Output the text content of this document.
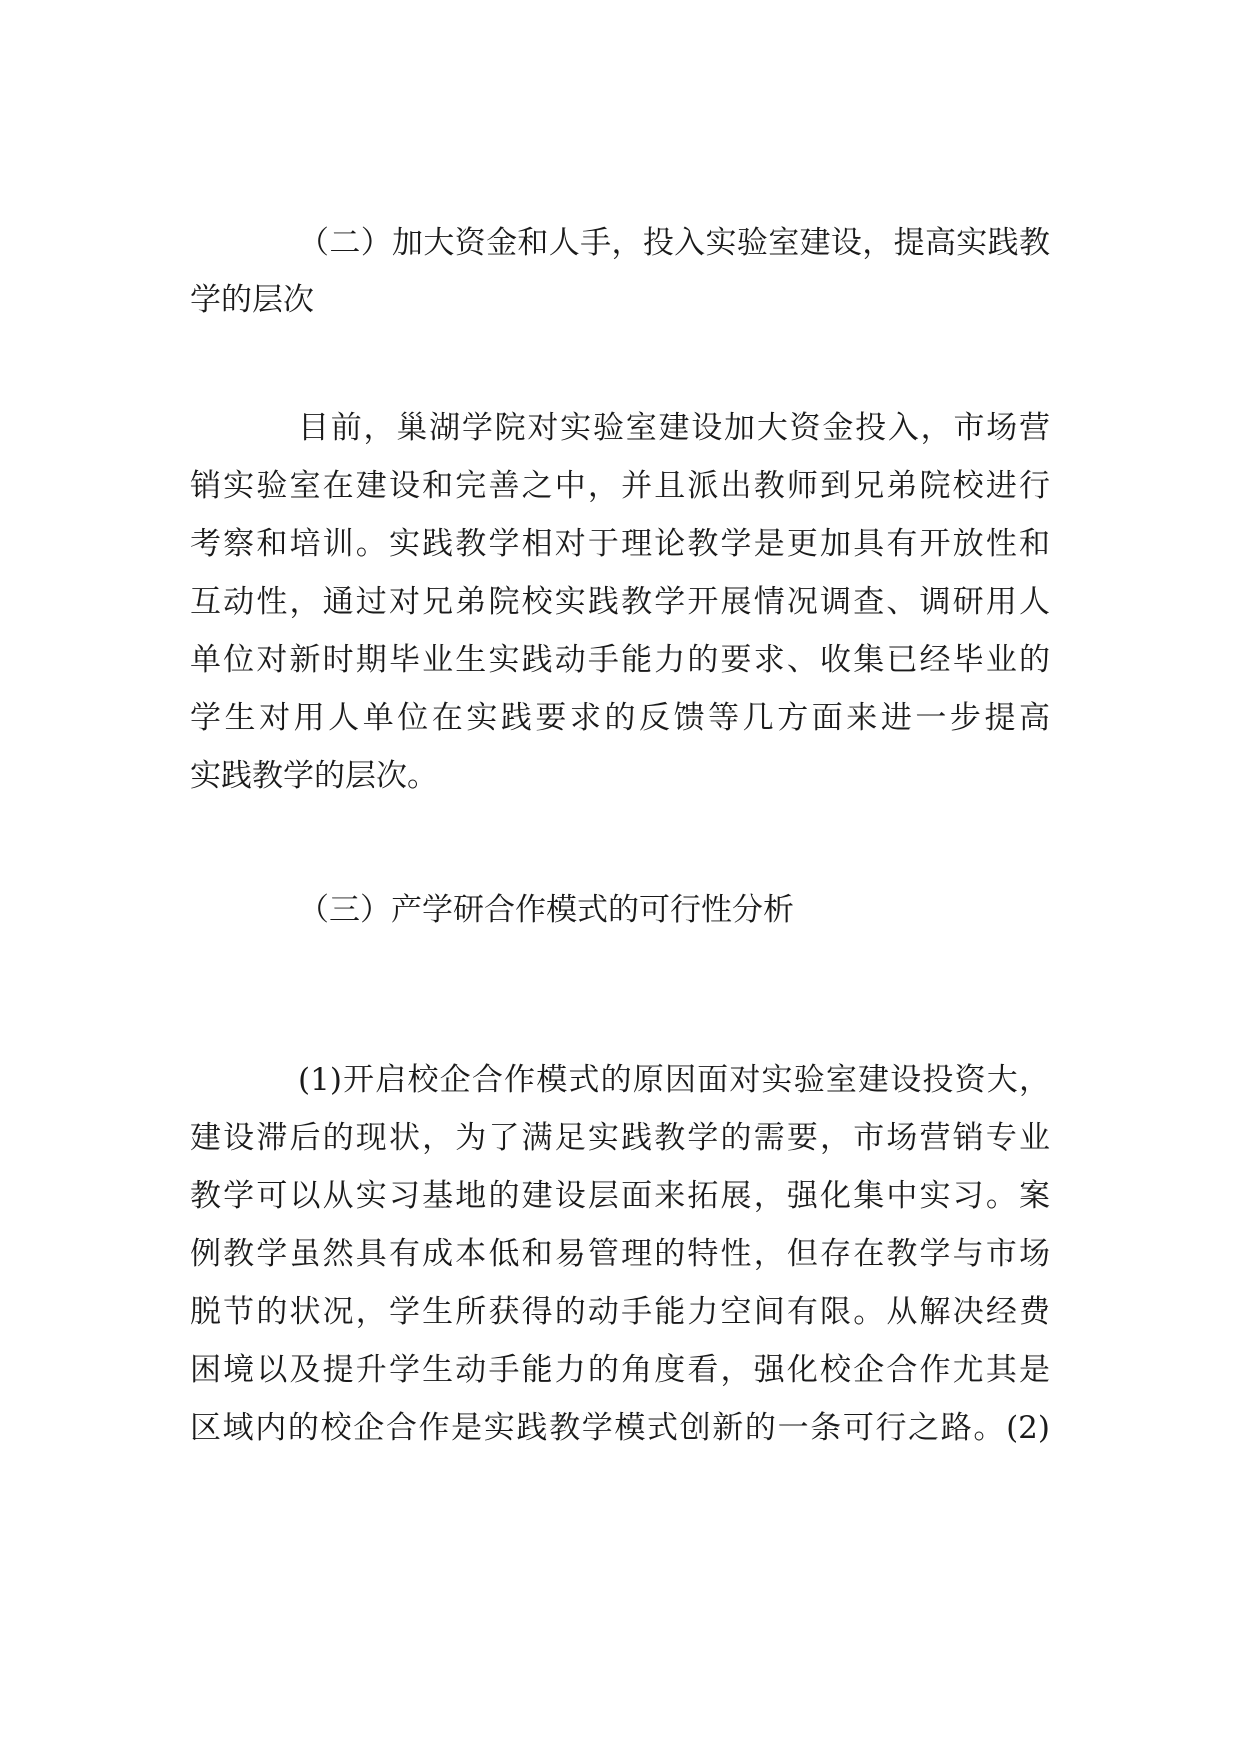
（二）加大资金和人手，投入实验室建设，提高实践教
学的层次
目前，巢湖学院对实验室建设加大资金投入，市场营
销实验室在建设和完善之中，并且派出教师到兄弟院校进行
考察和培训。实践教学相对于理论教学是更加具有开放性和
互动性，通过对兄弟院校实践教学开展情况调查、调研用人
单位对新时期毕业生实践动手能力的要求、收集已经毕业的
学生对用人单位在实践要求的反馈等几方面来进一步提高
实践教学的层次。
（三）产学研合作模式的可行性分析
(1)开启校企合作模式的原因面对实验室建设投资大，
建设滞后的现状，为了满足实践教学的需要，市场营销专业
教学可以从实习基地的建设层面来拓展，强化集中实习。案
例教学虽然具有成本低和易管理的特性，但存在教学与市场
脱节的状况，学生所获得的动手能力空间有限。从解决经费
困境以及提升学生动手能力的角度看，强化校企合作尤其是
区域内的校企合作是实践教学模式创新的一条可行之路。(2)
